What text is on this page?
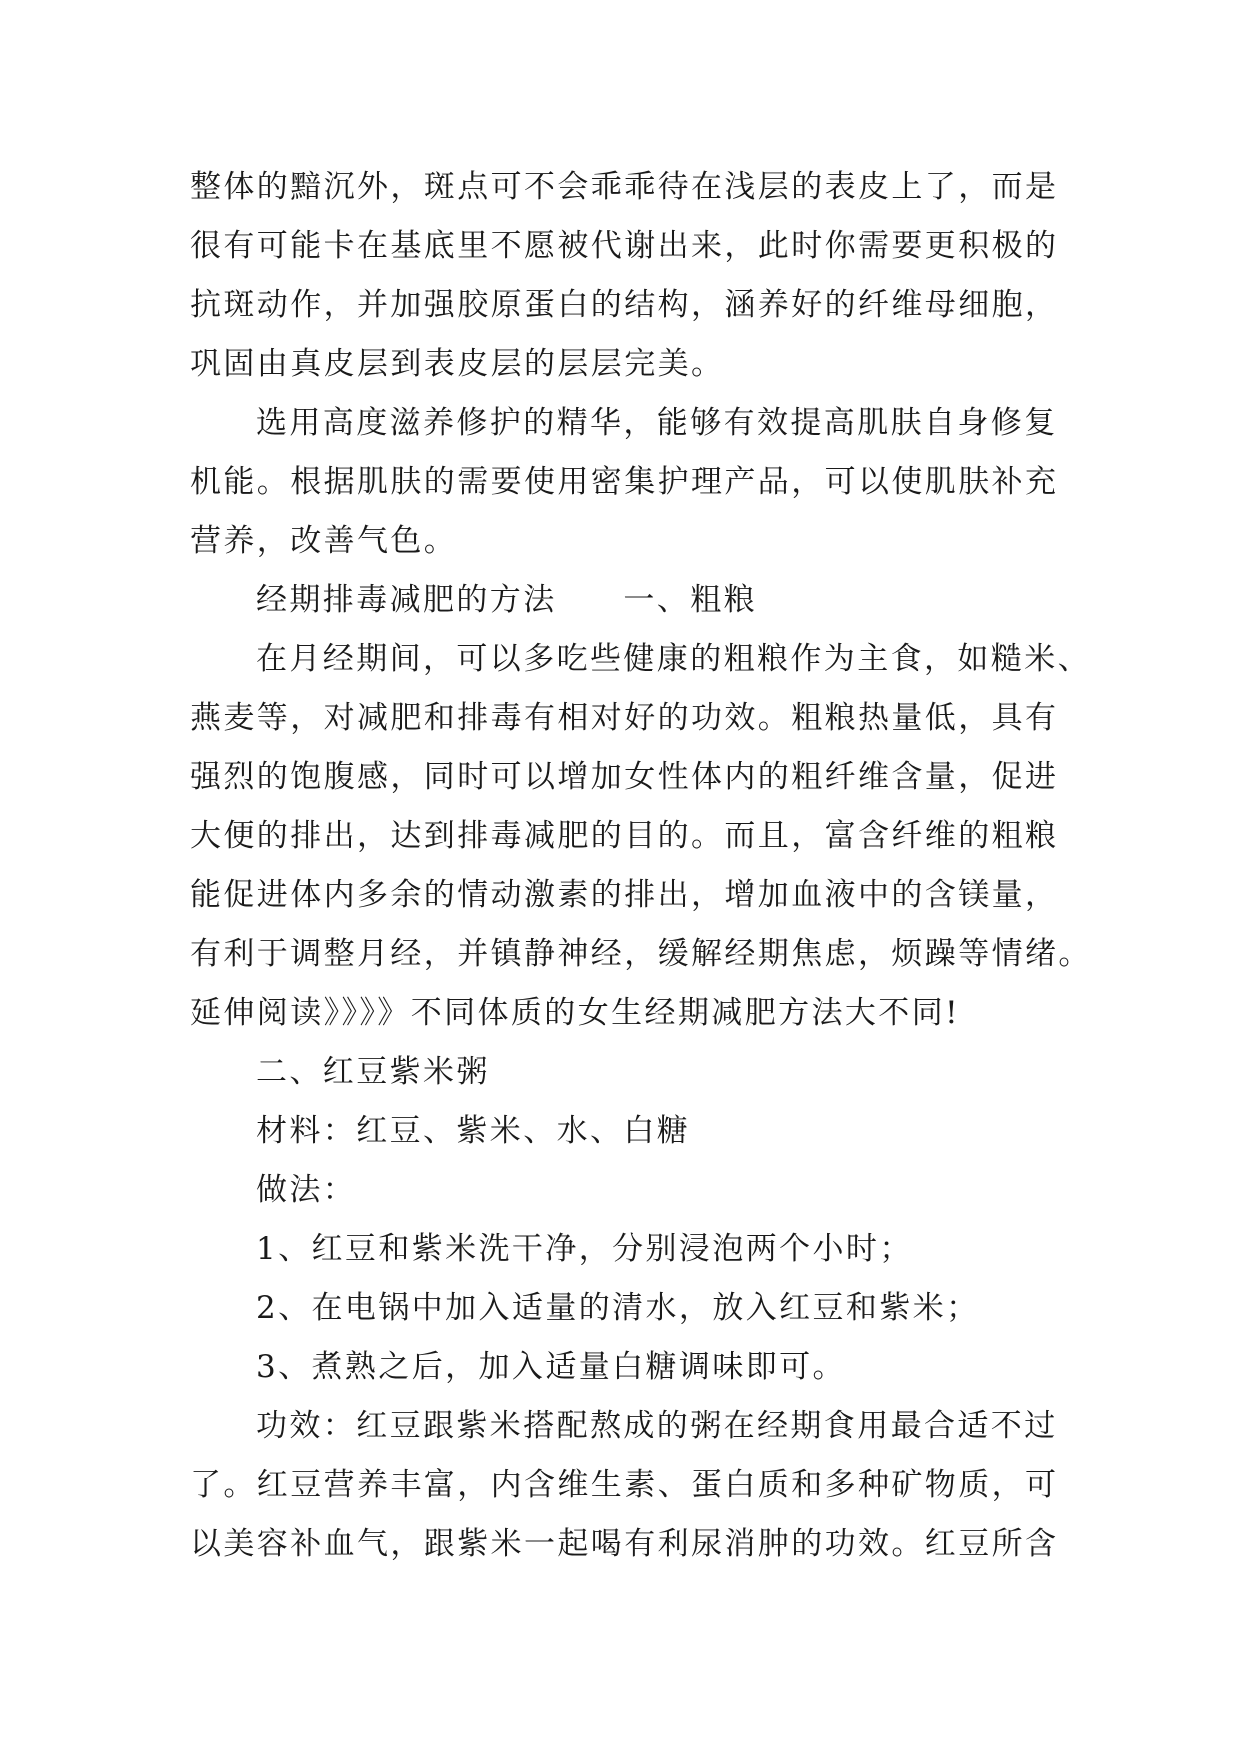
整体的黯沉外，斑点可不会乖乖待在浅层的表皮上了，而是
很有可能卡在基底里不愿被代谢出来，此时你需要更积极的
抗斑动作，并加强胶原蛋白的结构，涵养好的纤维母细胞，
巩固由真皮层到表皮层的层层完美。
选用高度滋养修护的精华，能够有效提高肌肤自身修复
机能。根据肌肤的需要使用密集护理产品，可以使肌肤补充
营养，改善气色。
经期排毒减肥的方法　　一、粗粮
在月经期间，可以多吃些健康的粗粮作为主食，如糙米、
燕麦等，对减肥和排毒有相对好的功效。粗粮热量低，具有
强烈的饱腹感，同时可以增加女性体内的粗纤维含量，促进
大便的排出，达到排毒减肥的目的。而且，富含纤维的粗粮
能促进体内多余的情动激素的排出，增加血液中的含镁量，
有利于调整月经，并镇静神经，缓解经期焦虑，烦躁等情绪。
延伸阅读》》》》不同体质的女生经期减肥方法大不同!
二、红豆紫米粥
材料：红豆、紫米、水、白糖
做法：
1、红豆和紫米洗干净，分别浸泡两个小时；
2、在电锅中加入适量的清水，放入红豆和紫米；
3、煮熟之后，加入适量白糖调味即可。
功效：红豆跟紫米搭配熬成的粥在经期食用最合适不过
了。红豆营养丰富，内含维生素、蛋白质和多种矿物质，可
以美容补血气，跟紫米一起喝有利尿消肿的功效。红豆所含
